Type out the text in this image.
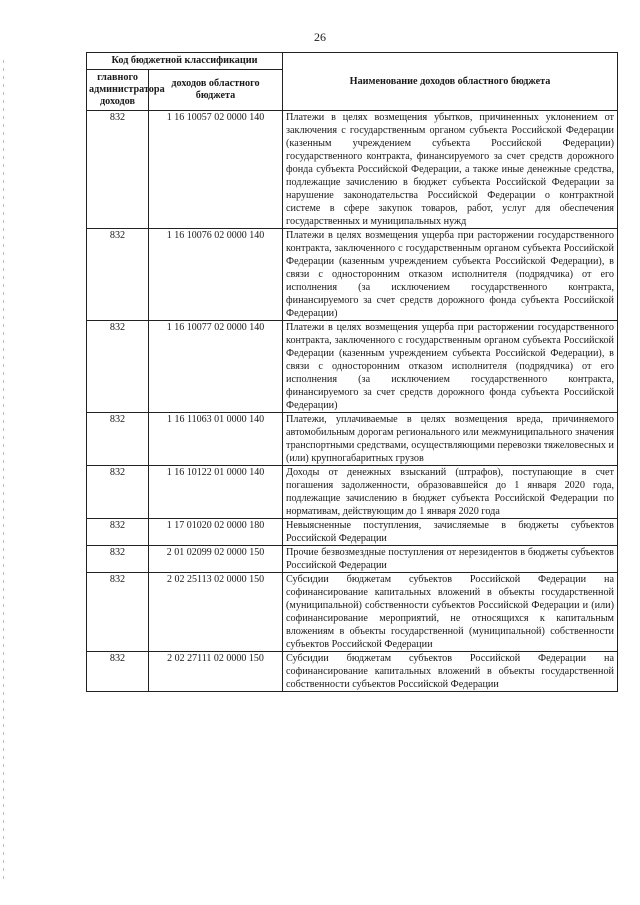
26
Код бюджетной классификации		Наименование доходов областного бюджета
главного администратора доходов	доходов областного бюджета	
832	1 16 10057 02 0000 140	Платежи в целях возмещения убытков, причиненных уклонением от заключения с государственным органом субъекта Российской Федерации (казенным учреждением субъекта Российской Федерации) государственного контракта, финансируемого за счет средств дорожного фонда субъекта Российской Федерации, а также иные денежные средства, подлежащие зачислению в бюджет субъекта Российской Федерации за нарушение законодательства Российской Федерации о контрактной системе в сфере закупок товаров, работ, услуг для обеспечения государственных и муниципальных нужд
832	1 16 10076 02 0000 140	Платежи в целях возмещения ущерба при расторжении государственного контракта, заключенного с государственным органом субъекта Российской Федерации (казенным учреждением субъекта Российской Федерации), в связи с односторонним отказом исполнителя (подрядчика) от его исполнения (за исключением государственного контракта, финансируемого за счет средств дорожного фонда субъекта Российской Федерации)
832	1 16 10077 02 0000 140	Платежи в целях возмещения ущерба при расторжении государственного контракта, заключенного с государственным органом субъекта Российской Федерации (казенным учреждением субъекта Российской Федерации), в связи с односторонним отказом исполнителя (подрядчика) от его исполнения (за исключением государственного контракта, финансируемого за счет средств дорожного фонда субъекта Российской Федерации)
832	1 16 11063 01 0000 140	Платежи, уплачиваемые в целях возмещения вреда, причиняемого автомобильным дорогам регионального или межмуниципального значения транспортными средствами, осуществляющими перевозки тяжеловесных и (или) крупногабаритных грузов
832	1 16 10122 01 0000 140	Доходы от денежных взысканий (штрафов), поступающие в счет погашения задолженности, образовавшейся до 1 января 2020 года, подлежащие зачислению в бюджет субъекта Российской Федерации по нормативам, действующим до 1 января 2020 года
832	1 17 01020 02 0000 180	Невыясненные поступления, зачисляемые в бюджеты субъектов Российской Федерации
832	2 01 02099 02 0000 150	Прочие безвозмездные поступления от нерезидентов в бюджеты субъектов Российской Федерации
832	2 02 25113 02 0000 150	Субсидии бюджетам субъектов Российской Федерации на софинансирование капитальных вложений в объекты государственной (муниципальной) собственности субъектов Российской Федерации и (или) софинансирование мероприятий, не относящихся к капитальным вложениям в объекты государственной (муниципальной) собственности субъектов Российской Федерации
832	2 02 27111 02 0000 150	Субсидии бюджетам субъектов Российской Федерации на софинансирование капитальных вложений в объекты государственной собственности субъектов Российской Федерации
